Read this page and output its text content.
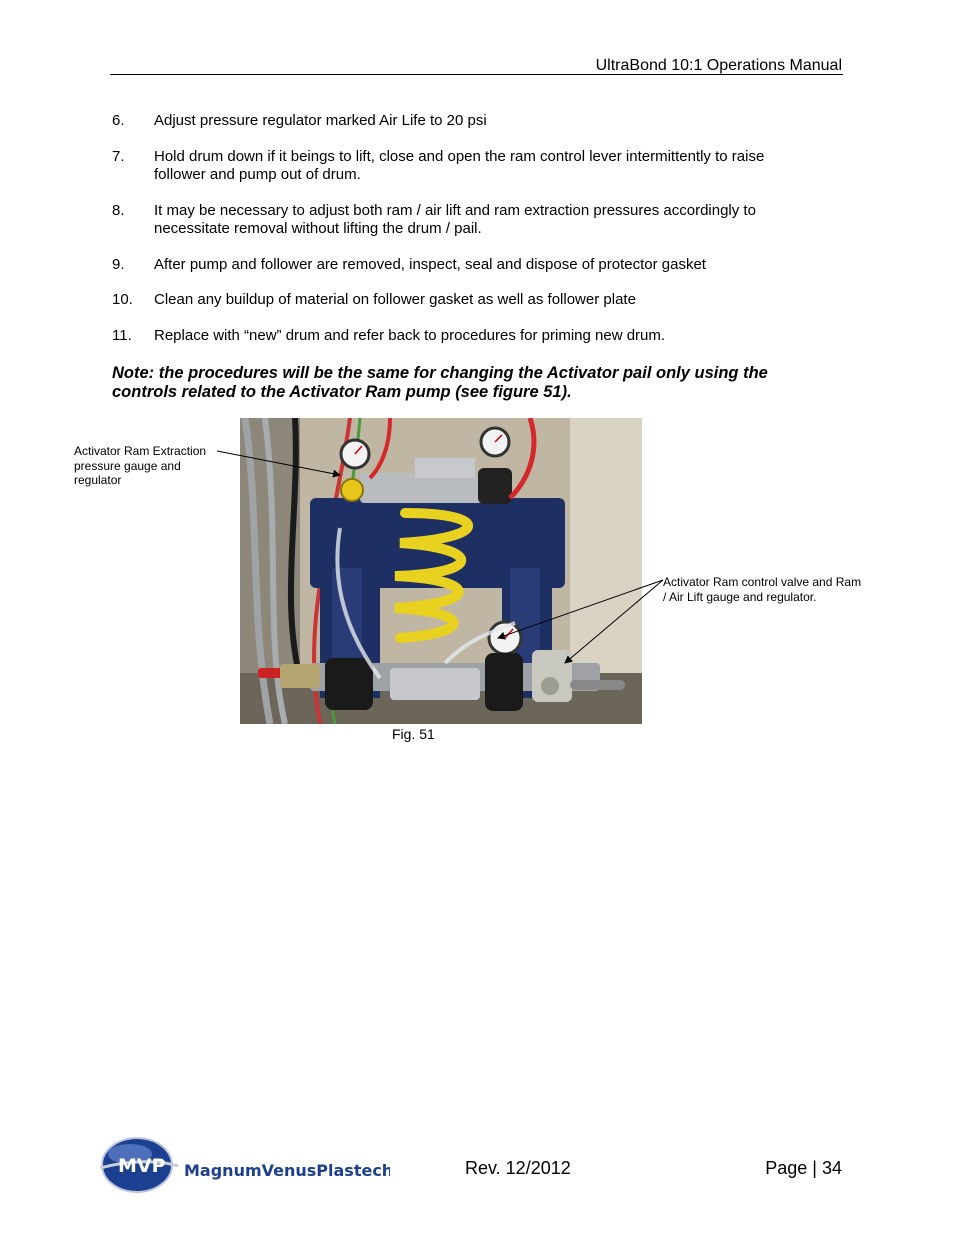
UltraBond 10:1 Operations Manual
6.	Adjust pressure regulator marked Air Life to 20 psi
7.	Hold drum down if it beings to lift, close and open the ram control lever intermittently to raise follower and pump out of drum.
8.	It may be necessary to adjust both ram / air lift and ram extraction pressures accordingly to necessitate removal without lifting the drum / pail.
9.	After pump and follower are removed, inspect, seal and dispose of protector gasket
10.	Clean any buildup of material on follower gasket as well as follower plate
11.	Replace with “new” drum and refer back to procedures for priming new drum.
Note: the procedures will be the same for changing the Activator pail only using the controls related to the Activator Ram pump (see figure 51).
Activator Ram Extraction pressure gauge and regulator
Activator Ram control valve and Ram / Air Lift gauge and regulator.
Fig. 51
MVP MagnumVenusPlastech	Rev. 12/2012	Page | 34
